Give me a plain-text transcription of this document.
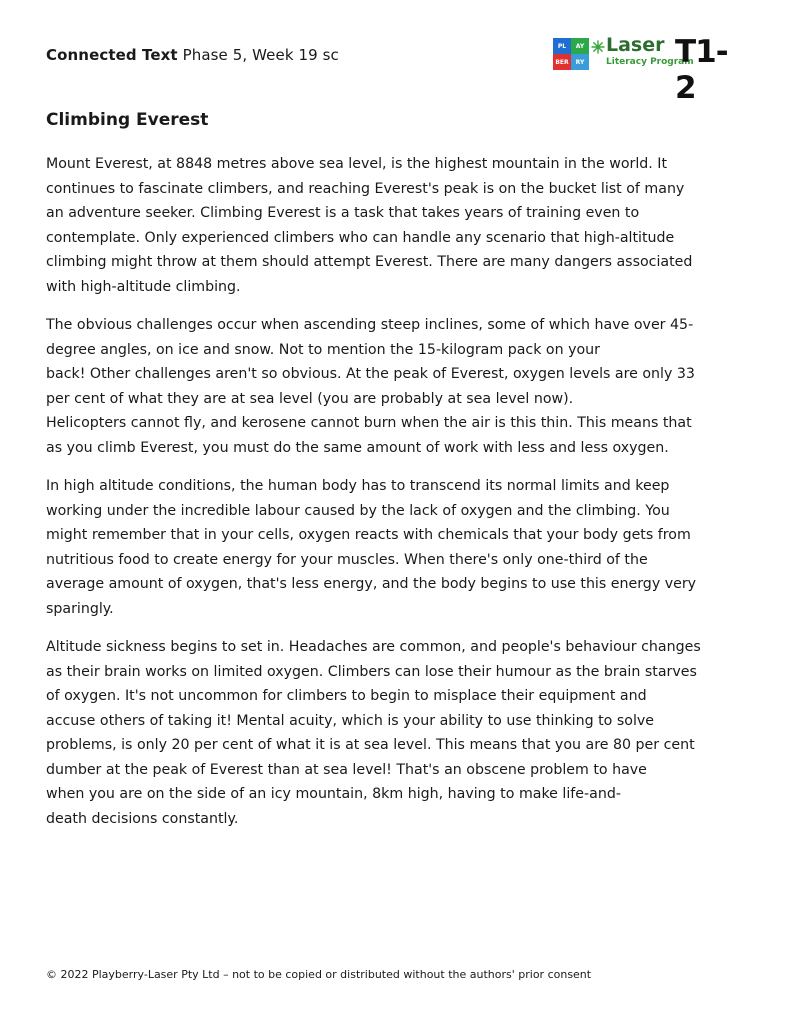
Connected Text Phase 5, Week 19 sc	PL	AY
BER	RY
Laser
Literacy Program
T1-2
Climbing Everest
Mount Everest, at 8848 metres above sea level, is the highest mountain in the world. It
continues to fascinate climbers, and reaching Everest's peak is on the bucket list of many
an adventure seeker. Climbing Everest is a task that takes years of training even to
contemplate. Only experienced climbers who can handle any scenario that high-altitude
climbing might throw at them should attempt Everest. There are many dangers associated
with high-altitude climbing.
The obvious challenges occur when ascending steep inclines, some of which have over 45-
degree angles, on ice and snow. Not to mention the 15-kilogram pack on your
back! Other challenges aren't so obvious. At the peak of Everest, oxygen levels are only 33
per cent of what they are at sea level (you are probably at sea level now).
Helicopters cannot fly, and kerosene cannot burn when the air is this thin. This means that
as you climb Everest, you must do the same amount of work with less and less oxygen.
In high altitude conditions, the human body has to transcend its normal limits and keep
working under the incredible labour caused by the lack of oxygen and the climbing. You
might remember that in your cells, oxygen reacts with chemicals that your body gets from
nutritious food to create energy for your muscles. When there's only one-third of the
average amount of oxygen, that's less energy, and the body begins to use this energy very
sparingly.
Altitude sickness begins to set in. Headaches are common, and people's behaviour changes
as their brain works on limited oxygen. Climbers can lose their humour as the brain starves
of oxygen. It's not uncommon for climbers to begin to misplace their equipment and
accuse others of taking it! Mental acuity, which is your ability to use thinking to solve
problems, is only 20 per cent of what it is at sea level. This means that you are 80 per cent
dumber at the peak of Everest than at sea level! That's an obscene problem to have
when you are on the side of an icy mountain, 8km high, having to make life-and-
death decisions constantly.
© 2022 Playberry-Laser Pty Ltd – not to be copied or distributed without the authors' prior consent
